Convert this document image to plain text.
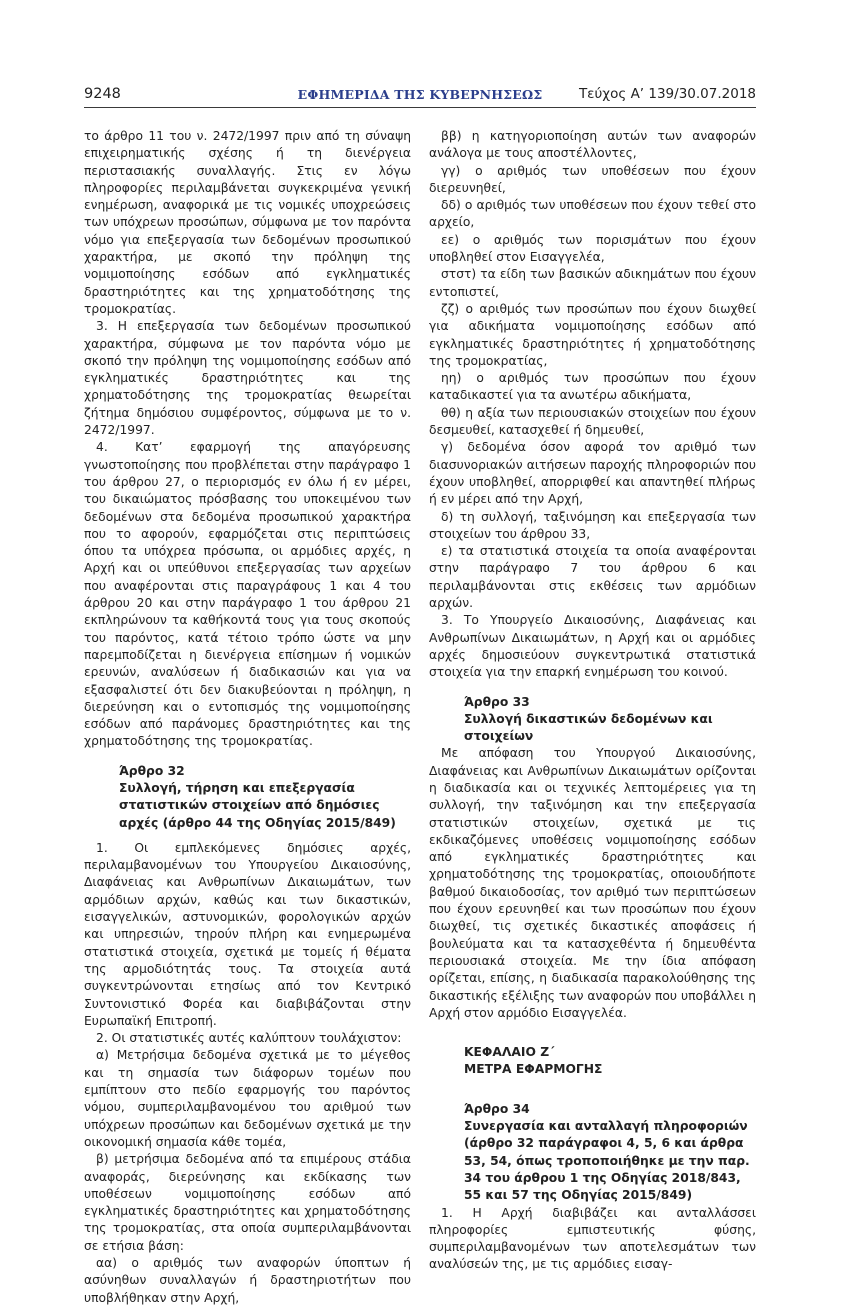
9248	ΕΦΗΜΕΡΙΔΑ ΤΗΣ ΚΥΒΕΡΝΗΣΕΩΣ	Τεύχος Α’ 139/30.07.2018

το άρθρο 11 του ν. 2472/1997 πριν από τη σύναψη επιχειρηματικής σχέσης ή τη διενέργεια περιστασιακής συναλλαγής. Στις εν λόγω πληροφορίες περιλαμβάνεται συγκεκριμένα γενική ενημέρωση, αναφορικά με τις νομικές υποχρεώσεις των υπόχρεων προσώπων, σύμφωνα με τον παρόντα νόμο για επεξεργασία των δεδομένων προσωπικού χαρακτήρα, με σκοπό την πρόληψη της νομιμοποίησης εσόδων από εγκληματικές δραστηριότητες και της χρηματοδότησης της τρομοκρατίας.

3. Η επεξεργασία των δεδομένων προσωπικού χαρακτήρα, σύμφωνα με τον παρόντα νόμο με σκοπό την πρόληψη της νομιμοποίησης εσόδων από εγκληματικές δραστηριότητες και της χρηματοδότησης της τρομοκρατίας θεωρείται ζήτημα δημόσιου συμφέροντος, σύμφωνα με το ν. 2472/1997.

4. Κατ’ εφαρμογή της απαγόρευσης γνωστοποίησης που προβλέπεται στην παράγραφο 1 του άρθρου 27, ο περιορισμός εν όλω ή εν μέρει, του δικαιώματος πρόσβασης του υποκειμένου των δεδομένων στα δεδομένα προσωπικού χαρακτήρα που το αφορούν, εφαρμόζεται στις περιπτώσεις όπου τα υπόχρεα πρόσωπα, οι αρμόδιες αρχές, η Αρχή και οι υπεύθυνοι επεξεργασίας των αρχείων που αναφέρονται στις παραγράφους 1 και 4 του άρθρου 20 και στην παράγραφο 1 του άρθρου 21 εκπληρώνουν τα καθήκοντά τους για τους σκοπούς του παρόντος, κατά τέτοιο τρόπο ώστε να μην παρεμποδίζεται η διενέργεια επίσημων ή νομικών ερευνών, αναλύσεων ή διαδικασιών και για να εξασφαλιστεί ότι δεν διακυβεύονται η πρόληψη, η διερεύνηση και ο εντοπισμός της νομιμοποίησης εσόδων από παράνομες δραστηριότητες και της χρηματοδότησης της τρομοκρατίας.

Άρθρο 32
Συλλογή, τήρηση και επεξεργασία στατιστικών στοιχείων από δημόσιες αρχές (άρθρο 44 της Οδηγίας 2015/849)

1. Οι εμπλεκόμενες δημόσιες αρχές, περιλαμβανομένων του Υπουργείου Δικαιοσύνης, Διαφάνειας και Ανθρωπίνων Δικαιωμάτων, των αρμόδιων αρχών, καθώς και των δικαστικών, εισαγγελικών, αστυνομικών, φορολογικών αρχών και υπηρεσιών, τηρούν πλήρη και ενημερωμένα στατιστικά στοιχεία, σχετικά με τομείς ή θέματα της αρμοδιότητάς τους. Τα στοιχεία αυτά συγκεντρώνονται ετησίως από τον Κεντρικό Συντονιστικό Φορέα και διαβιβάζονται στην Ευρωπαϊκή Επιτροπή.

2. Οι στατιστικές αυτές καλύπτουν τουλάχιστον:

α) Μετρήσιμα δεδομένα σχετικά με το μέγεθος και τη σημασία των διάφορων τομέων που εμπίπτουν στο πεδίο εφαρμογής του παρόντος νόμου, συμπεριλαμβανομένου του αριθμού των υπόχρεων προσώπων και δεδομένων σχετικά με την οικονομική σημασία κάθε τομέα,

β) μετρήσιμα δεδομένα από τα επιμέρους στάδια αναφοράς, διερεύνησης και εκδίκασης των υποθέσεων νομιμοποίησης εσόδων από εγκληματικές δραστηριότητες και χρηματοδότησης της τρομοκρατίας, στα οποία συμπεριλαμβάνονται σε ετήσια βάση:

αα) ο αριθμός των αναφορών ύποπτων ή ασύνηθων συναλλαγών ή δραστηριοτήτων που υποβλήθηκαν στην Αρχή,

ββ) η κατηγοριοποίηση αυτών των αναφορών ανάλογα με τους αποστέλλοντες,

γγ) ο αριθμός των υποθέσεων που έχουν διερευνηθεί,

δδ) ο αριθμός των υποθέσεων που έχουν τεθεί στο αρχείο,

εε) ο αριθμός των πορισμάτων που έχουν υποβληθεί στον Εισαγγελέα,

στστ) τα είδη των βασικών αδικημάτων που έχουν εντοπιστεί,

ζζ) ο αριθμός των προσώπων που έχουν διωχθεί για αδικήματα νομιμοποίησης εσόδων από εγκληματικές δραστηριότητες ή χρηματοδότησης της τρομοκρατίας,

ηη) ο αριθμός των προσώπων που έχουν καταδικαστεί για τα ανωτέρω αδικήματα,

θθ) η αξία των περιουσιακών στοιχείων που έχουν δεσμευθεί, κατασχεθεί ή δημευθεί,

γ) δεδομένα όσον αφορά τον αριθμό των διασυνοριακών αιτήσεων παροχής πληροφοριών που έχουν υποβληθεί, απορριφθεί και απαντηθεί πλήρως ή εν μέρει από την Αρχή,

δ) τη συλλογή, ταξινόμηση και επεξεργασία των στοιχείων του άρθρου 33,

ε) τα στατιστικά στοιχεία τα οποία αναφέρονται στην παράγραφο 7 του άρθρου 6 και περιλαμβάνονται στις εκθέσεις των αρμόδιων αρχών.

3. Το Υπουργείο Δικαιοσύνης, Διαφάνειας και Ανθρωπίνων Δικαιωμάτων, η Αρχή και οι αρμόδιες αρχές δημοσιεύουν συγκεντρωτικά στατιστικά στοιχεία για την επαρκή ενημέρωση του κοινού.

Άρθρο 33
Συλλογή δικαστικών δεδομένων και στοιχείων

Με απόφαση του Υπουργού Δικαιοσύνης, Διαφάνειας και Ανθρωπίνων Δικαιωμάτων ορίζονται η διαδικασία και οι τεχνικές λεπτομέρειες για τη συλλογή, την ταξινόμηση και την επεξεργασία στατιστικών στοιχείων, σχετικά με τις εκδικαζόμενες υποθέσεις νομιμοποίησης εσόδων από εγκληματικές δραστηριότητες και χρηματοδότησης της τρομοκρατίας, οποιουδήποτε βαθμού δικαιοδοσίας, τον αριθμό των περιπτώσεων που έχουν ερευνηθεί και των προσώπων που έχουν διωχθεί, τις σχετικές δικαστικές αποφάσεις ή βουλεύματα και τα κατασχεθέντα ή δημευθέντα περιουσιακά στοιχεία. Με την ίδια απόφαση ορίζεται, επίσης, η διαδικασία παρακολούθησης της δικαστικής εξέλιξης των αναφορών που υποβάλλει η Αρχή στον αρμόδιο Εισαγγελέα.

ΚΕΦΑΛΑΙΟ Ζ΄
ΜΕΤΡΑ ΕΦΑΡΜΟΓΗΣ
Άρθρο 34
Συνεργασία και ανταλλαγή πληροφοριών (άρθρο 32 παράγραφοι 4, 5, 6 και άρθρα 53, 54, όπως τροποποιήθηκε με την παρ. 34 του άρθρου 1 της Οδηγίας 2018/843, 55 και 57 της Οδηγίας 2015/849)

1. Η Αρχή διαβιβάζει και ανταλλάσσει πληροφορίες εμπιστευτικής φύσης, συμπεριλαμβανομένων των αποτελεσμάτων των αναλύσεών της, με τις αρμόδιες εισαγ-
